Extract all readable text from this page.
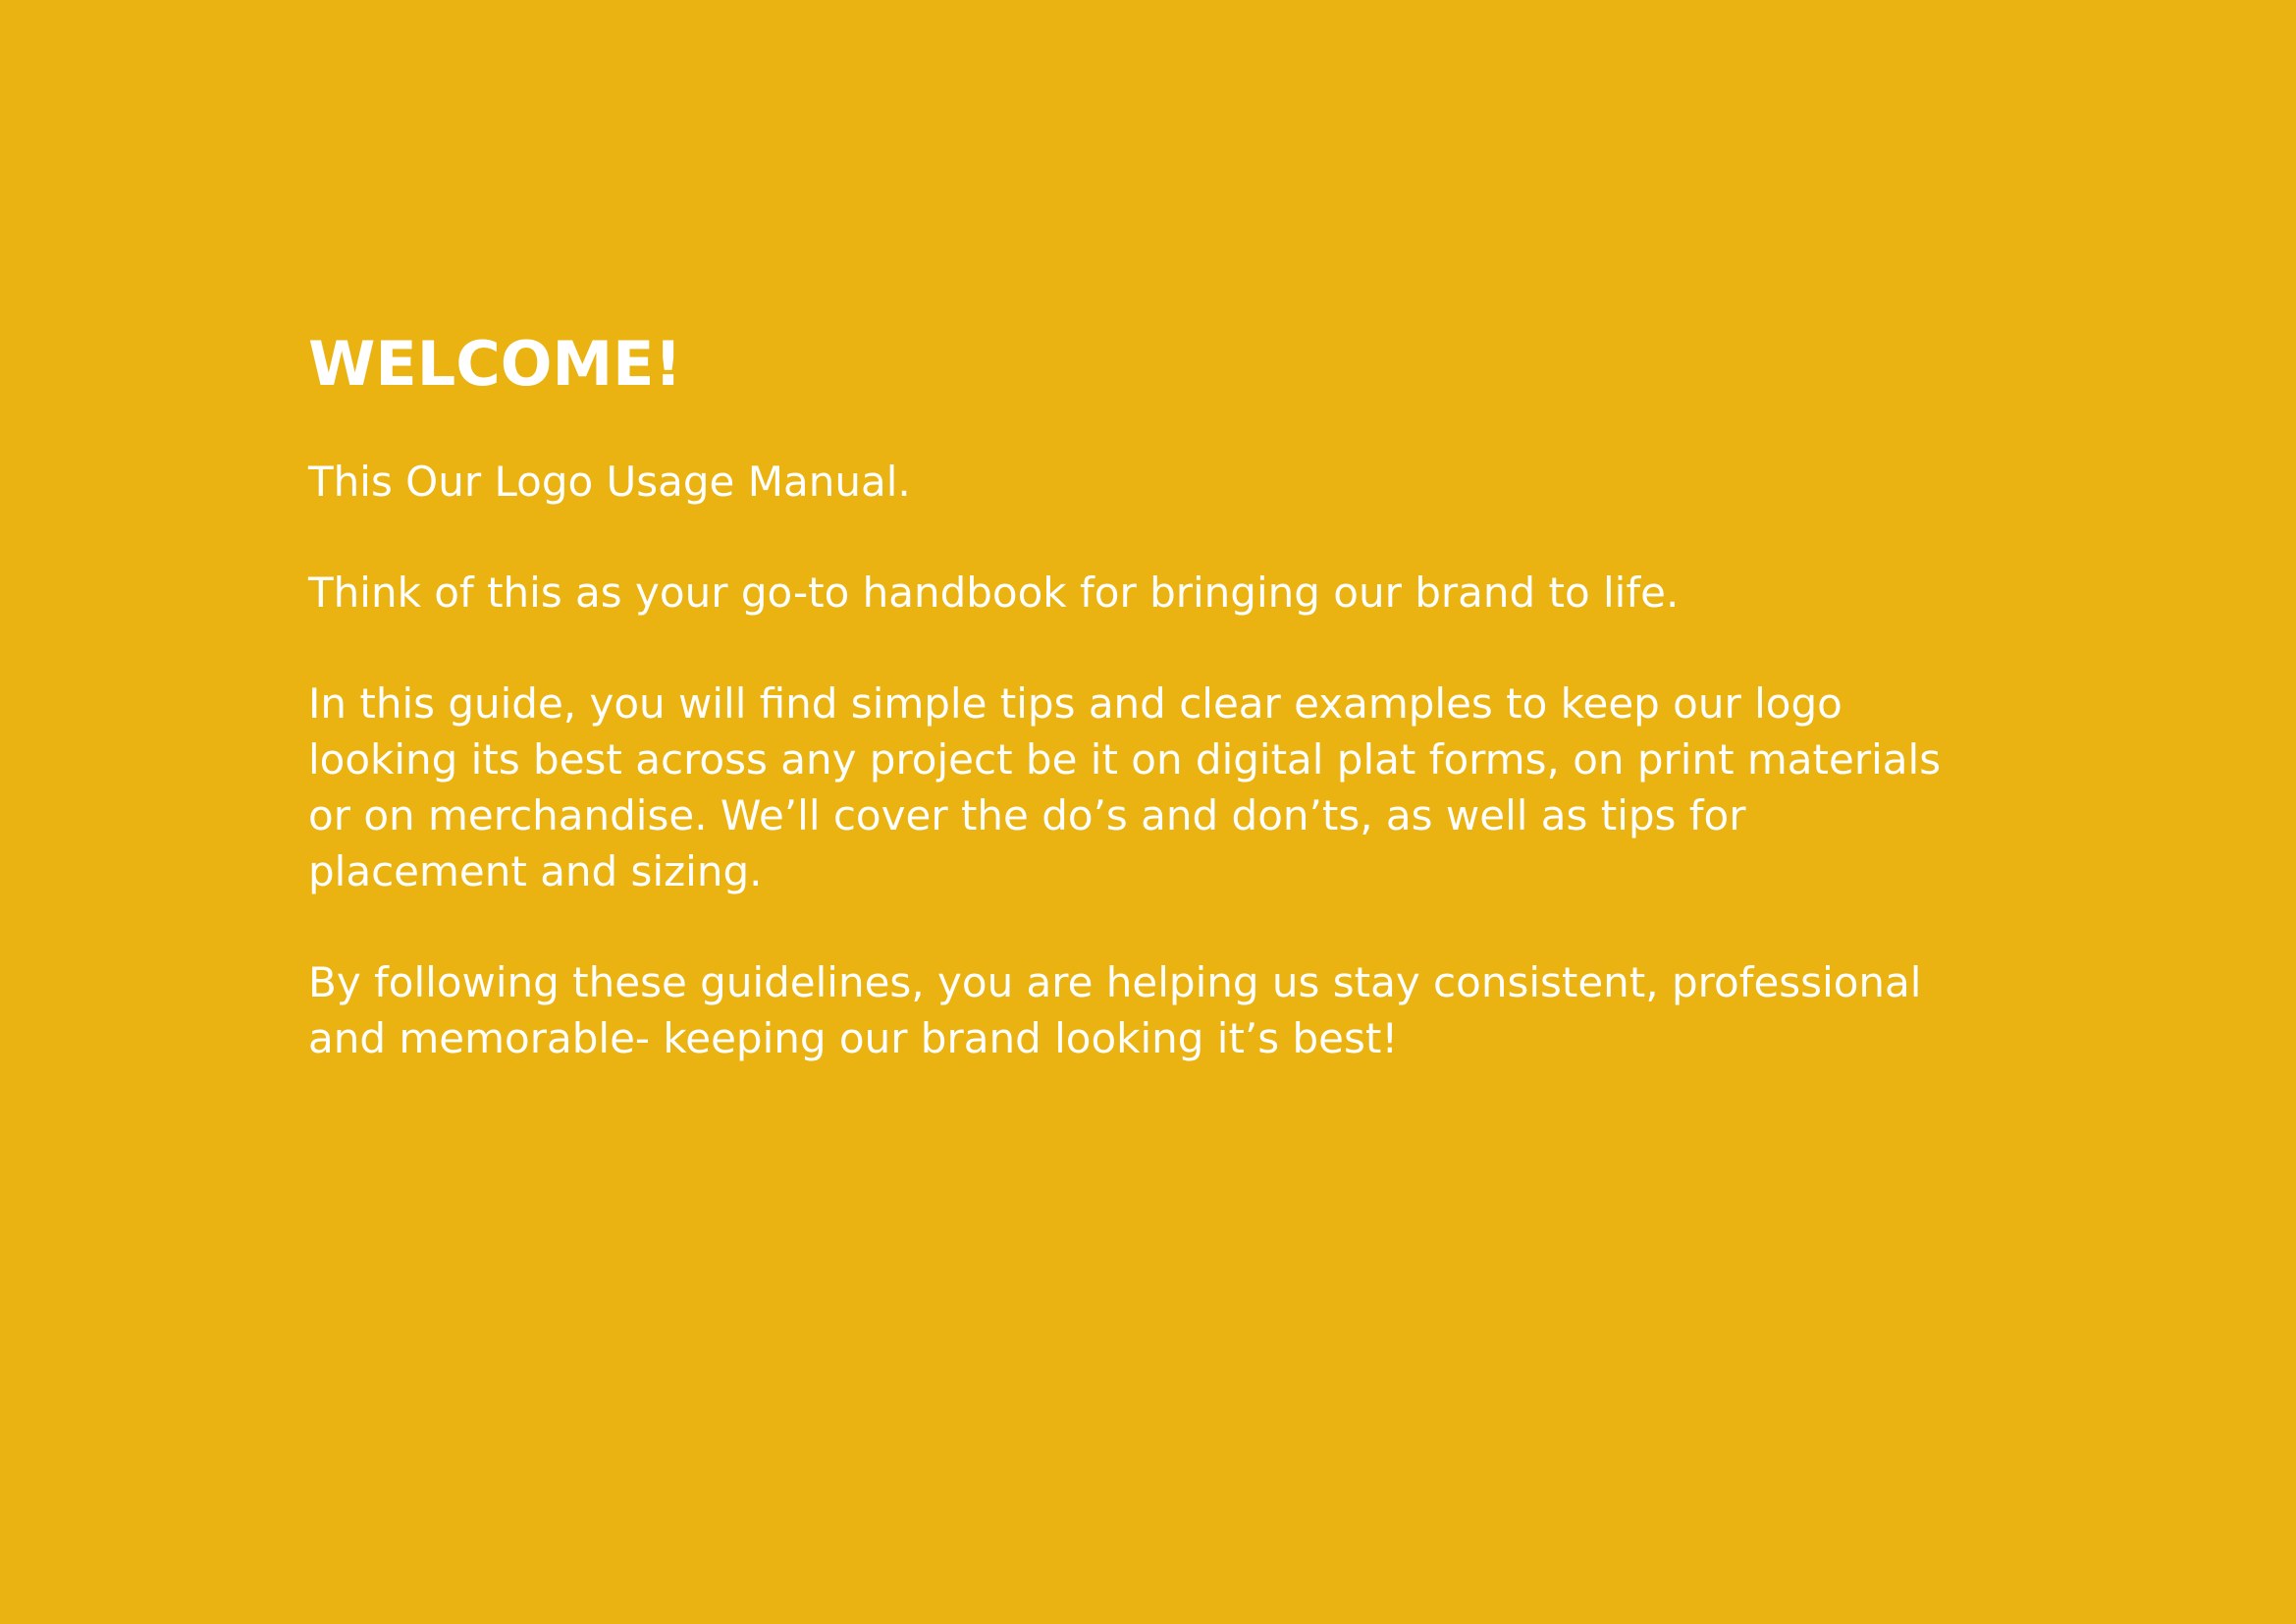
WELCOME!

This Our Logo Usage Manual.

Think of this as your go-to handbook for bringing our brand to life.

In this guide, you will find simple tips and clear examples to keep our logo
looking its best across any project be it on digital plat forms, on print materials
or on merchandise. We’ll cover the do’s and don’ts, as well as tips for
placement and sizing.

By following these guidelines, you are helping us stay consistent, professional
and memorable- keeping our brand looking it’s best!
